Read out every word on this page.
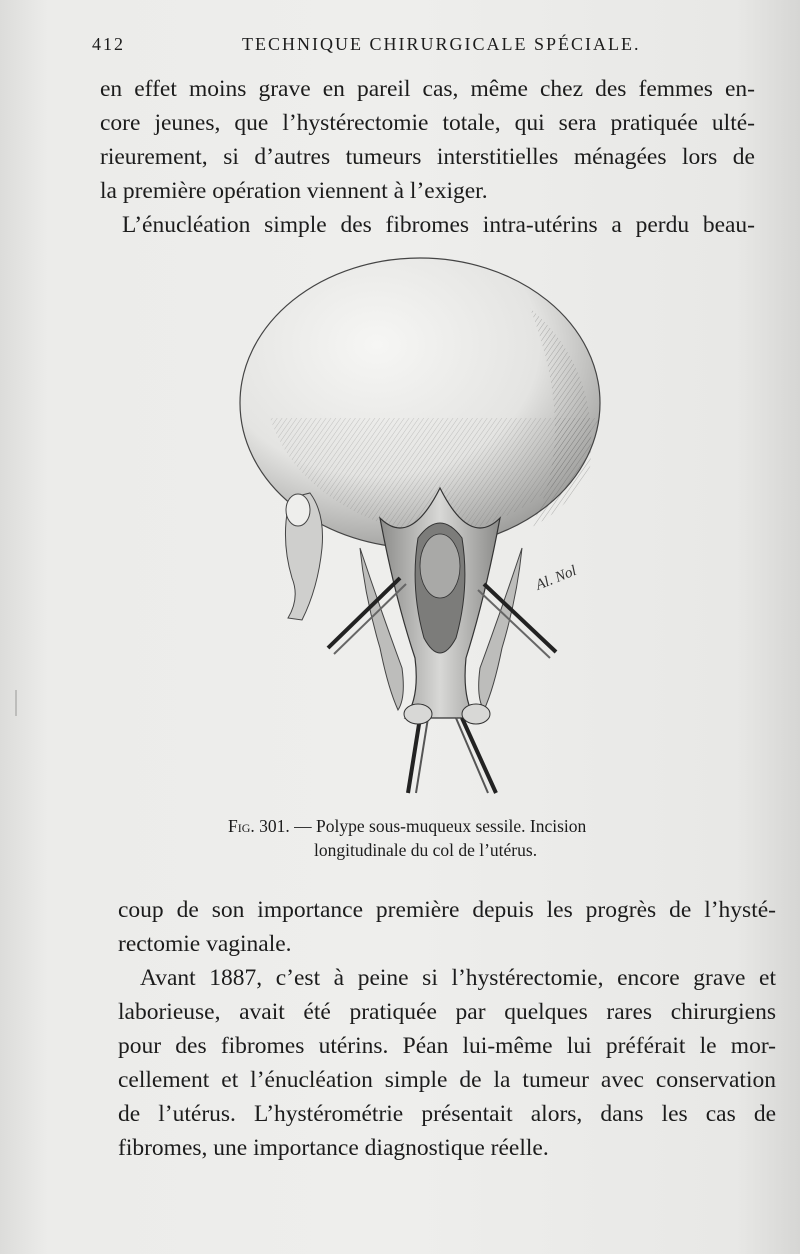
412	TECHNIQUE CHIRURGICALE SPÉCIALE.
en effet moins grave en pareil cas, même chez des femmes en-
core jeunes, que l’hystérectomie totale, qui sera pratiquée ulté-
rieurement, si d’autres tumeurs interstitielles ménagées lors de
la première opération viennent à l’exiger.
L’énucléation simple des fibromes intra-utérins a perdu beau-
Al. Nol
Fig. 301. — Polype sous-muqueux sessile. Incision
longitudinale du col de l’utérus.
coup de son importance première depuis les progrès de l’hysté-
rectomie vaginale.
Avant 1887, c’est à peine si l’hystérectomie, encore grave et
laborieuse, avait été pratiquée par quelques rares chirurgiens
pour des fibromes utérins. Péan lui-même lui préférait le mor-
cellement et l’énucléation simple de la tumeur avec conservation
de l’utérus. L’hystérométrie présentait alors, dans les cas de
fibromes, une importance diagnostique réelle.
